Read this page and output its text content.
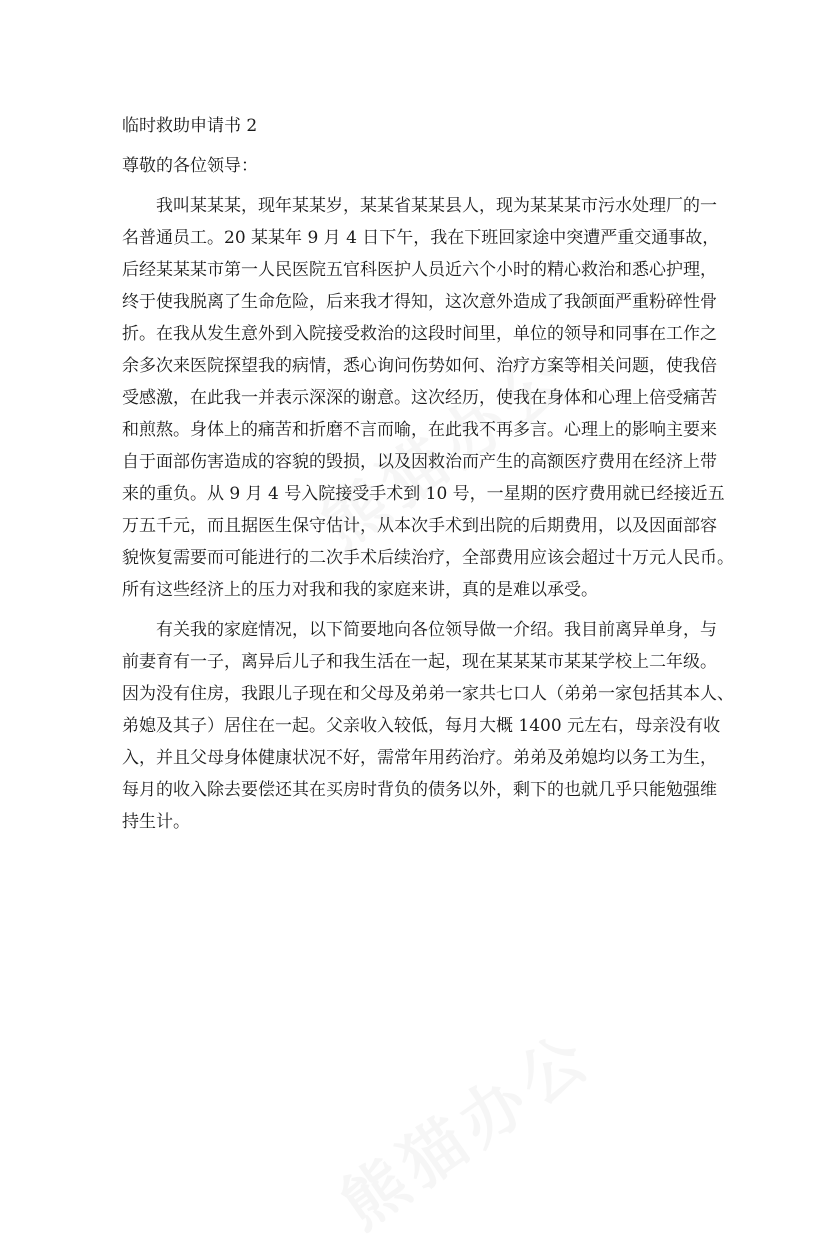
临时救助申请书 2
尊敬的各位领导：
我叫某某某，现年某某岁，某某省某某县人，现为某某某市污水处理厂的一
名普通员工。20 某某年 9 月 4 日下午，我在下班回家途中突遭严重交通事故，
后经某某某市第一人民医院五官科医护人员近六个小时的精心救治和悉心护理，
终于使我脱离了生命危险，后来我才得知，这次意外造成了我颌面严重粉碎性骨
折。在我从发生意外到入院接受救治的这段时间里，单位的领导和同事在工作之
余多次来医院探望我的病情，悉心询问伤势如何、治疗方案等相关问题，使我倍
受感激，在此我一并表示深深的谢意。这次经历，使我在身体和心理上倍受痛苦
和煎熬。身体上的痛苦和折磨不言而喻，在此我不再多言。心理上的影响主要来
自于面部伤害造成的容貌的毁损，以及因救治而产生的高额医疗费用在经济上带
来的重负。从 9 月 4 号入院接受手术到 10 号，一星期的医疗费用就已经接近五
万五千元，而且据医生保守估计，从本次手术到出院的后期费用，以及因面部容
貌恢复需要而可能进行的二次手术后续治疗，全部费用应该会超过十万元人民币。
所有这些经济上的压力对我和我的家庭来讲，真的是难以承受。
有关我的家庭情况，以下简要地向各位领导做一介绍。我目前离异单身，与
前妻育有一子，离异后儿子和我生活在一起，现在某某某市某某学校上二年级。
因为没有住房，我跟儿子现在和父母及弟弟一家共七口人（弟弟一家包括其本人、
弟媳及其子）居住在一起。父亲收入较低，每月大概 1400 元左右，母亲没有收
入，并且父母身体健康状况不好，需常年用药治疗。弟弟及弟媳均以务工为生，
每月的收入除去要偿还其在买房时背负的债务以外，剩下的也就几乎只能勉强维
持生计。
